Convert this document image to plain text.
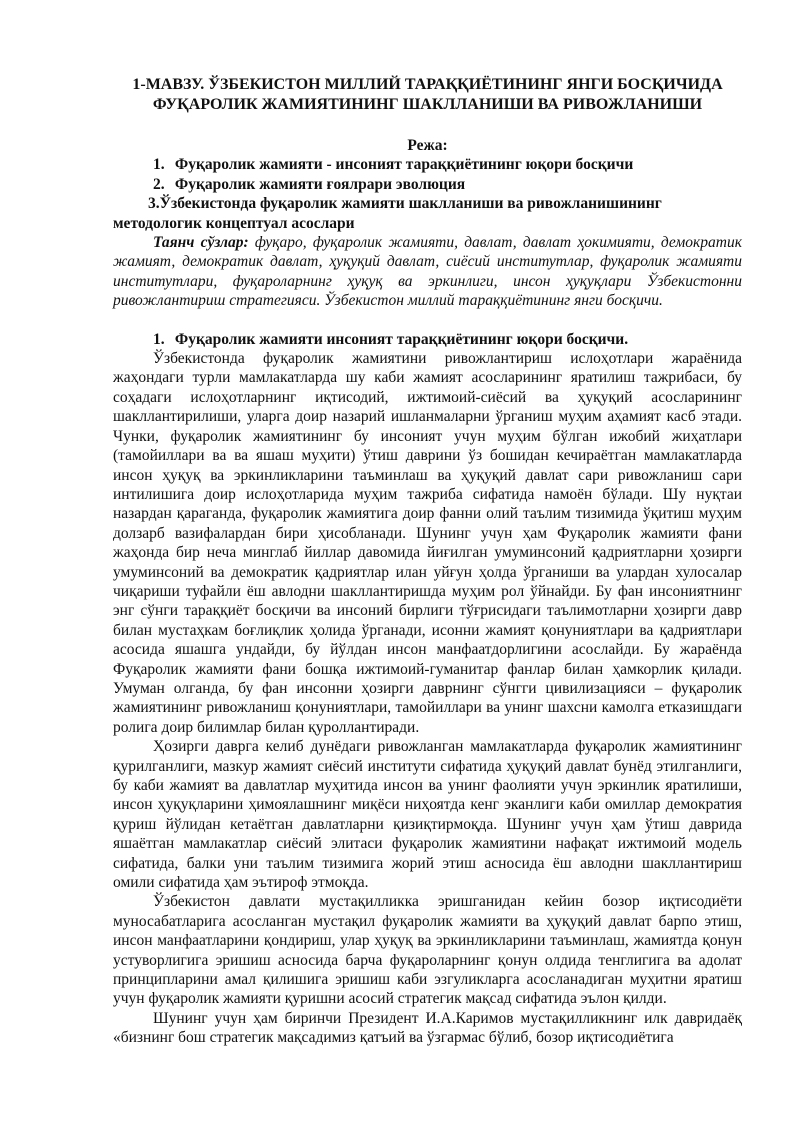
1-МАВЗУ. ЎЗБЕКИСТОН МИЛЛИЙ ТАРАҚҚИЁТИНИНГ ЯНГИ БОСҚИЧИДА
ФУҚАРОЛИК ЖАМИЯТИНИНГ ШАКЛЛАНИШИ ВА РИВОЖЛАНИШИ

Режа:
1. Фуқаролик жамияти - инсоният тараққиётининг юқори босқичи
2. Фуқаролик жамияти ғоялрари эволюция
3.Ўзбекистонда фуқаролик жамияти шаклланиши ва ривожланишининг методологик концептуал асослари
Таянч сўзлар: фуқаро, фуқаролик жамияти, давлат, давлат ҳокимияти, демократик жамият, демократик давлат, ҳуқуқий давлат, сиёсий институтлар, фуқаролик жамияти институтлари, фуқароларнинг ҳуқуқ ва эркинлиги, инсон ҳуқуқлари Ўзбекистонни ривожлантириш стратегияси. Ўзбекистон миллий тараққиётининг янги босқичи.
1. Фуқаролик жамияти инсоният тараққиётининг юқори босқичи.

Ўзбекистонда фуқаролик жамиятини ривожлантириш ислоҳотлари жараёнида жаҳондаги турли мамлакатларда шу каби жамият асосларининг яратилиш тажрибаси, бу соҳадаги ислоҳотларнинг иқтисодий, ижтимоий-сиёсий ва ҳуқуқий асосларининг шакллантирилиши, уларга доир назарий ишланмаларни ўрганиш муҳим аҳамият касб этади. Чунки, фуқаролик жамиятининг бу инсоният учун муҳим бўлган ижобий жиҳатлари (тамойиллари ва ва яшаш муҳити) ўтиш даврини ўз бошидан кечираётган мамлакатларда инсон ҳуқуқ ва эркинликларини таъминлаш ва ҳуқуқий давлат сари ривожланиш сари интилишига доир ислоҳотларида муҳим тажриба сифатида намоён бўлади. Шу нуқтаи назардан қараганда, фуқаролик жамиятига доир фанни олий таълим тизимида ўқитиш муҳим долзарб вазифалардан бири ҳисобланади. Шунинг учун ҳам Фуқаролик жамияти фани жаҳонда бир неча минглаб йиллар давомида йиғилган умуминсоний қадриятларни ҳозирги умуминсоний ва демократик қадриятлар илан уйғун ҳолда ўрганиши ва улардан хулосалар чиқариши туфайли ёш авлодни шакллантиришда муҳим рол ўйнайди. Бу фан инсониятнинг энг сўнги тараққиёт босқичи ва инсоний бирлиги тўғрисидаги таълимотларни ҳозирги давр билан мустаҳкам боғлиқлик ҳолида ўрганади, исонни жамият қонуниятлари ва қадриятлари асосида яшашга ундайди, бу йўлдан инсон манфаатдорлигини асослайди. Бу жараёнда Фуқаролик жамияти фани бошқа ижтимоий-гуманитар фанлар билан ҳамкорлик қилади. Умуман олганда, бу фан инсонни ҳозирги даврнинг сўнгги цивилизацияси – фуқаролик жамиятининг ривожланиш қонуниятлари, тамойиллари ва унинг шахсни камолга етказишдаги ролига доир билимлар билан қуроллантиради.

Ҳозирги даврга келиб дунёдаги ривожланган мамлакатларда фуқаролик жамиятининг қурилганлиги, мазкур жамият сиёсий институти сифатида ҳуқуқий давлат бунёд этилганлиги, бу каби жамият ва давлатлар муҳитида инсон ва унинг фаолияти учун эркинлик яратилиши, инсон ҳуқуқларини ҳимоялашнинг миқёси ниҳоятда кенг эканлиги каби омиллар демократия қуриш йўлидан кетаётган давлатларни қизиқтирмоқда. Шунинг учун ҳам ўтиш даврида яшаётган мамлакатлар сиёсий элитаси фуқаролик жамиятини нафақат ижтимоий модель сифатида, балки уни таълим тизимига жорий этиш асносида ёш авлодни шакллантириш омили сифатида ҳам эътироф этмоқда.

Ўзбекистон давлати мустақилликка эришганидан кейин бозор иқтисодиёти муносабатларига асосланган мустақил фуқаролик жамияти ва ҳуқуқий давлат барпо этиш, инсон манфаатларини қондириш, улар ҳуқуқ ва эркинликларини таъминлаш, жамиятда қонун устуворлигига эришиш асносида барча фуқароларнинг қонун олдида тенглигига ва адолат принципларини амал қилишига эришиш каби эзгуликларга асосланадиган муҳитни яратиш учун фуқаролик жамияти қуришни асосий стратегик мақсад сифатида эълон қилди.

Шунинг учун ҳам биринчи Президент И.А.Каримов мустақилликнинг илк давридаёқ «бизнинг бош стратегик мақсадимиз қатъий ва ўзгармас бўлиб, бозор иқтисодиётига
